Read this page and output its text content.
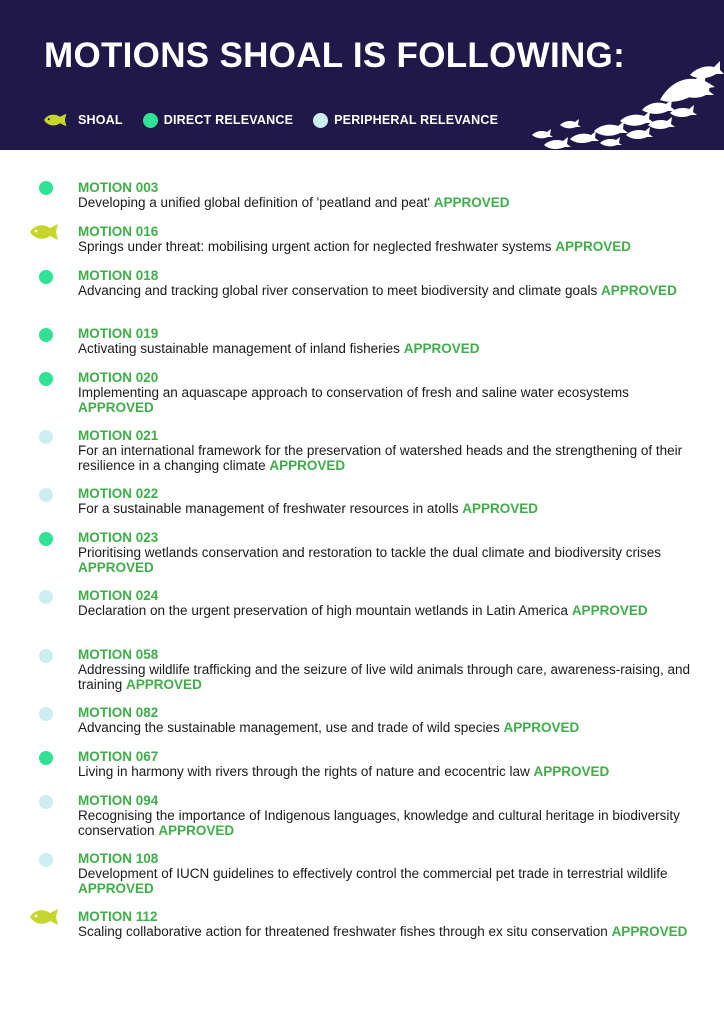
MOTIONS SHOAL IS FOLLOWING:
SHOAL	DIRECT RELEVANCE	PERIPHERAL RELEVANCE
MOTION 003
Developing a unified global definition of 'peatland and peat' APPROVED
MOTION 016
Springs under threat: mobilising urgent action for neglected freshwater systems APPROVED
MOTION 018
Advancing and tracking global river conservation to meet biodiversity and climate goals APPROVED
MOTION 019
Activating sustainable management of inland fisheries APPROVED
MOTION 020
Implementing an aquascape approach to conservation of fresh and saline water ecosystems APPROVED
MOTION 021
For an international framework for the preservation of watershed heads and the strengthening of their resilience in a changing climate APPROVED
MOTION 022
For a sustainable management of freshwater resources in atolls APPROVED
MOTION 023
Prioritising wetlands conservation and restoration to tackle the dual climate and biodiversity crises APPROVED
MOTION 024
Declaration on the urgent preservation of high mountain wetlands in Latin America APPROVED
MOTION 058
Addressing wildlife trafficking and the seizure of live wild animals through care, awareness-raising, and training APPROVED
MOTION 082
Advancing the sustainable management, use and trade of wild species APPROVED
MOTION 067
Living in harmony with rivers through the rights of nature and ecocentric law APPROVED
MOTION 094
Recognising the importance of Indigenous languages, knowledge and cultural heritage in biodiversity conservation APPROVED
MOTION 108
Development of IUCN guidelines to effectively control the commercial pet trade in terrestrial wildlife APPROVED
MOTION 112
Scaling collaborative action for threatened freshwater fishes through ex situ conservation APPROVED
